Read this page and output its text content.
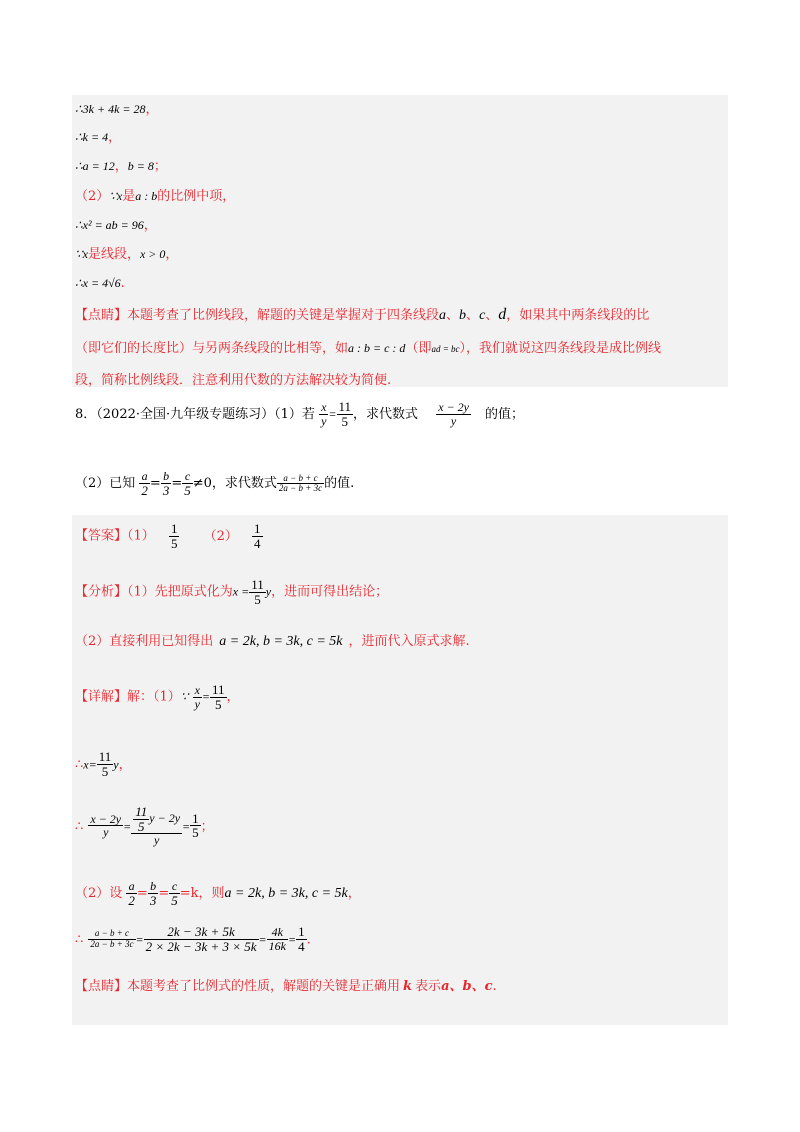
∴3k + 4k = 28，
∴k = 4，
∴a = 12，b = 8；
（2）∵x是a : b的比例中项，
∴x² = ab = 96，
∵x是线段，x > 0，
∴x = 4√6.
【点睛】本题考查了比例线段，解题的关键是掌握对于四条线段a、b、c、d，如果其中两条线段的比
（即它们的长度比）与另两条线段的比相等，如a : b = c : d（即ad = bc），我们就说这四条线段是成比例线
段，简称比例线段．注意利用代数的方法解决较为简便.
8．（2022·全国·九年级专题练习）（1）若 $\frac{x}{y} = \frac{11}{5}$ ，求代数式 $\frac{x - 2y}{y}$ 的值；
（2）已知 $\frac{a}{2} = \frac{b}{3} = \frac{c}{5} \ne 0$，求代数式 $\frac{a - b + c}{2a - b + 3c}$ 的值.
【答案】$(1) \frac{1}{5} (2) \frac{1}{4}$
【分析】（1）先把原式化为$x = \frac{11}{5}$ y，进而可得出结论；
（2）直接利用已知得出 a = 2k, b = 3k, c = 5k ，进而代入原式求解.
【详解】解：（1）∵ $\frac{x}{y} = \frac{11}{5}$ ，
∴x= $\frac{11}{5}$ y，
∴ $\frac{x - 2y}{y} = \frac{\frac{11}{5} y - 2y}{y} = \frac{1}{5}$ ；
（2）设 $\frac{a}{2} = \frac{b}{3} = \frac{c}{5} =k$，则a = 2k, b = 3k, c = 5k，
∴ $\frac{a - b + c}{2a - b + 3c} = \frac{2k - 3k + 5k}{2 \times 2k - 3k + 3 \times 5k} = \frac{4k}{16k} = \frac{1}{4}$ .
【点睛】本题考查了比例式的性质，解题的关键是正确用 k 表示a、b、c.
